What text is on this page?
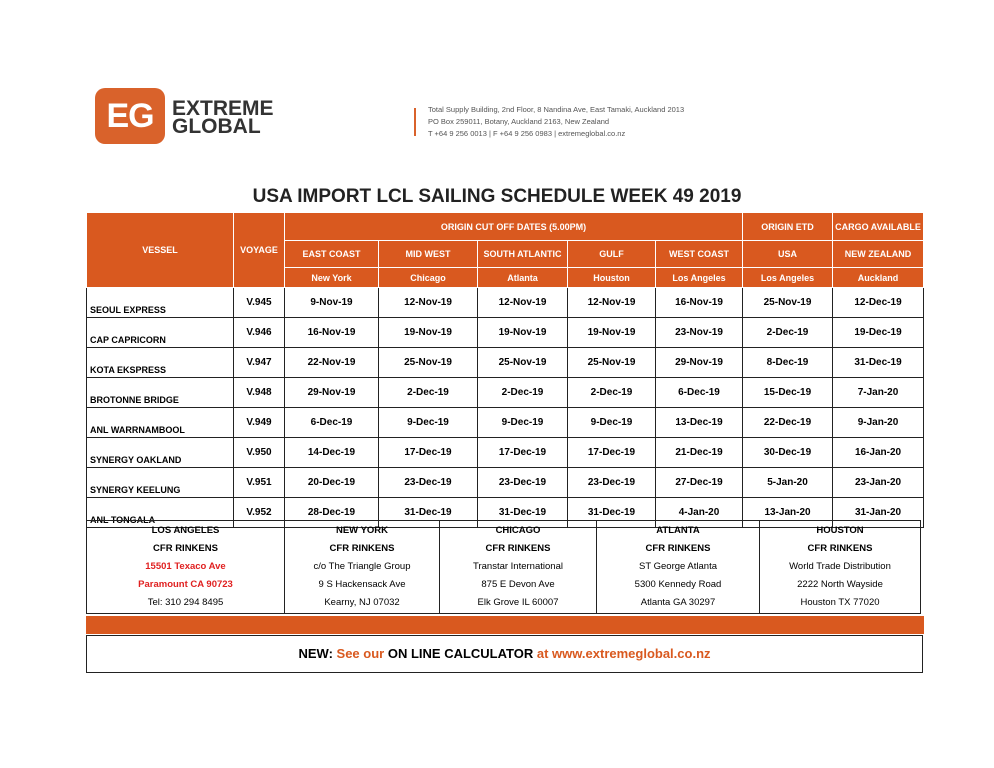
EG EXTREME
GLOBAL
Total Supply Building, 2nd Floor, 8 Nandina Ave, East Tamaki, Auckland 2013
PO Box 259011, Botany, Auckland 2163, New Zealand
T +64 9 256 0013 | F +64 9 256 0983 | extremeglobal.co.nz
USA IMPORT LCL SAILING SCHEDULE WEEK 49 2019
VESSEL	VOYAGE	ORIGIN CUT OFF DATES (5.00PM)					ORIGIN ETD	CARGO AVAILABLE
		EAST COAST	MID WEST	SOUTH ATLANTIC	GULF	WEST COAST	USA	NEW ZEALAND
		New York	Chicago	Atlanta	Houston	Los Angeles	Los Angeles	Auckland
SEOUL EXPRESS	V.945	9-Nov-19	12-Nov-19	12-Nov-19	12-Nov-19	16-Nov-19	25-Nov-19	12-Dec-19
CAP CAPRICORN	V.946	16-Nov-19	19-Nov-19	19-Nov-19	19-Nov-19	23-Nov-19	2-Dec-19	19-Dec-19
KOTA EKSPRESS	V.947	22-Nov-19	25-Nov-19	25-Nov-19	25-Nov-19	29-Nov-19	8-Dec-19	31-Dec-19
BROTONNE BRIDGE	V.948	29-Nov-19	2-Dec-19	2-Dec-19	2-Dec-19	6-Dec-19	15-Dec-19	7-Jan-20
ANL WARRNAMBOOL	V.949	6-Dec-19	9-Dec-19	9-Dec-19	9-Dec-19	13-Dec-19	22-Dec-19	9-Jan-20
SYNERGY OAKLAND	V.950	14-Dec-19	17-Dec-19	17-Dec-19	17-Dec-19	21-Dec-19	30-Dec-19	16-Jan-20
SYNERGY KEELUNG	V.951	20-Dec-19	23-Dec-19	23-Dec-19	23-Dec-19	27-Dec-19	5-Jan-20	23-Jan-20
ANL TONGALA	V.952	28-Dec-19	31-Dec-19	31-Dec-19	31-Dec-19	4-Jan-20	13-Jan-20	31-Jan-20
LOS ANGELES
CFR RINKENS
15501 Texaco Ave
Paramount CA 90723
Tel: 310 294 8495
NEW YORK
CFR RINKENS
c/o The Triangle Group
9 S Hackensack Ave
Kearny, NJ 07032
CHICAGO
CFR RINKENS
Transtar International
875 E Devon Ave
Elk Grove IL 60007
ATLANTA
CFR RINKENS
ST George Atlanta
5300 Kennedy Road
Atlanta GA 30297
HOUSTON
CFR RINKENS
World Trade Distribution
2222 North Wayside
Houston TX 77020
NEW: See our ON LINE CALCULATOR at www.extremeglobal.co.nz
